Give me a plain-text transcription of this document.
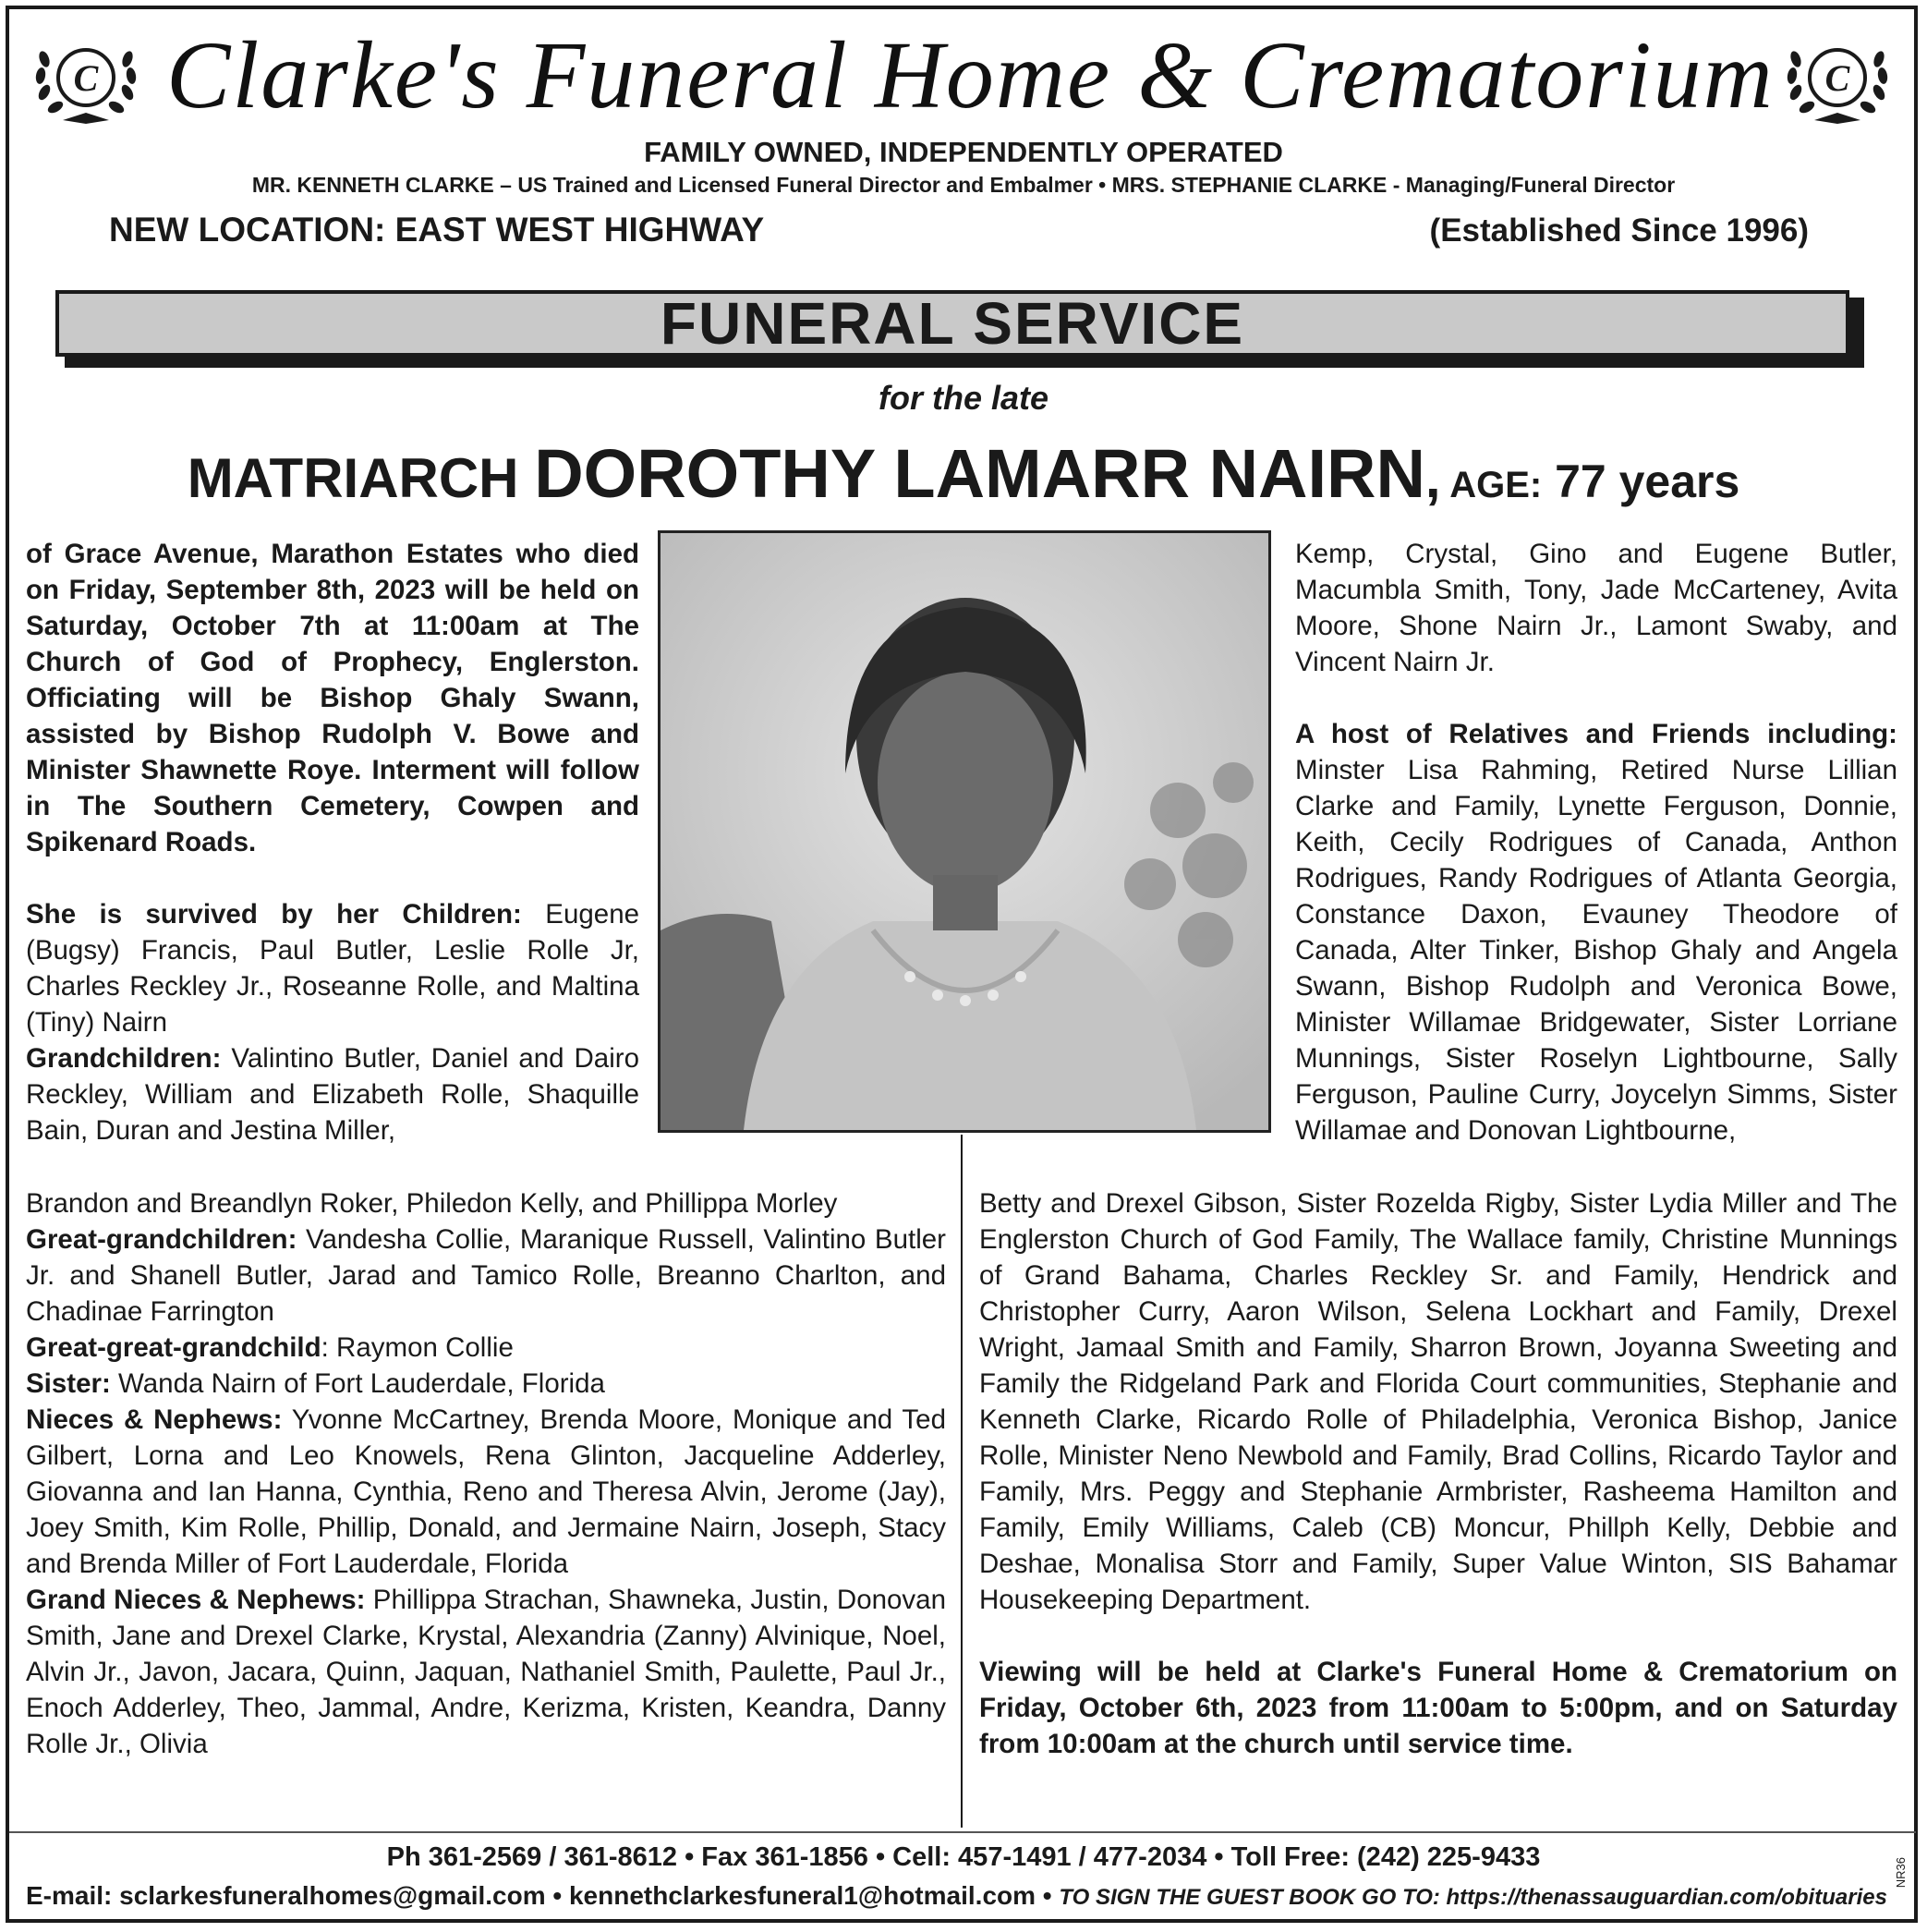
C Clarke's Funeral Home & Crematorium C
FAMILY OWNED, INDEPENDENTLY OPERATED
MR. KENNETH CLARKE – US Trained and Licensed Funeral Director and Embalmer • MRS. STEPHANIE CLARKE - Managing/Funeral Director
NEW LOCATION: EAST WEST HIGHWAY	(Established Since 1996)
FUNERAL SERVICE
for the late
MATRIARCH DOROTHY LAMARR NAIRN, AGE: 77 years

of Grace Avenue, Marathon Estates who died on Friday, September 8th, 2023 will be held on Saturday, October 7th at 11:00am at The Church of God of Prophecy, Englerston. Officiating will be Bishop Ghaly Swann, assisted by Bishop Rudolph V. Bowe and Minister Shawnette Roye. Interment will follow in The Southern Cemetery, Cowpen and Spikenard Roads.

She is survived by her Children: Eugene (Bugsy) Francis, Paul Butler, Leslie Rolle Jr, Charles Reckley Jr., Roseanne Rolle, and Maltina (Tiny) Nairn

Grandchildren: Valintino Butler, Daniel and Dairo Reckley, William and Elizabeth Rolle, Shaquille Bain, Duran and Jestina Miller,

Kemp, Crystal, Gino and Eugene Butler, Macumbla Smith, Tony, Jade McCarteney, Avita Moore, Shone Nairn Jr., Lamont Swaby, and Vincent Nairn Jr.

A host of Relatives and Friends including: Minster Lisa Rahming, Retired Nurse Lillian Clarke and Family, Lynette Ferguson, Donnie, Keith, Cecily Rodrigues of Canada, Anthon Rodrigues, Randy Rodrigues of Atlanta Georgia, Constance Daxon, Evauney Theodore of Canada, Alter Tinker, Bishop Ghaly and Angela Swann, Bishop Rudolph and Veronica Bowe, Minister Willamae Bridgewater, Sister Lorriane Munnings, Sister Roselyn Lightbourne, Sally Ferguson, Pauline Curry, Joycelyn Simms, Sister Willamae and Donovan Lightbourne,

Brandon and Breandlyn Roker, Philedon Kelly, and Phillippa Morley

Great-grandchildren: Vandesha Collie, Maranique Russell, Valintino Butler Jr. and Shanell Butler, Jarad and Tamico Rolle, Breanno Charlton, and Chadinae Farrington

Great-great-grandchild: Raymon Collie

Sister: Wanda Nairn of Fort Lauderdale, Florida

Nieces & Nephews: Yvonne McCartney, Brenda Moore, Monique and Ted Gilbert, Lorna and Leo Knowels, Rena Glinton, Jacqueline Adderley, Giovanna and Ian Hanna, Cynthia, Reno and Theresa Alvin, Jerome (Jay), Joey Smith, Kim Rolle, Phillip, Donald, and Jermaine Nairn, Joseph, Stacy and Brenda Miller of Fort Lauderdale, Florida

Grand Nieces & Nephews: Phillippa Strachan, Shawneka, Justin, Donovan Smith, Jane and Drexel Clarke, Krystal, Alexandria (Zanny) Alvinique, Noel, Alvin Jr., Javon, Jacara, Quinn, Jaquan, Nathaniel Smith, Paulette, Paul Jr., Enoch Adderley, Theo, Jammal, Andre, Kerizma, Kristen, Keandra, Danny Rolle Jr., Olivia

Betty and Drexel Gibson, Sister Rozelda Rigby, Sister Lydia Miller and The Englerston Church of God Family, The Wallace family, Christine Munnings of Grand Bahama, Charles Reckley Sr. and Family, Hendrick and Christopher Curry, Aaron Wilson, Selena Lockhart and Family, Drexel Wright, Jamaal Smith and Family, Sharron Brown, Joyanna Sweeting and Family the Ridgeland Park and Florida Court communities, Stephanie and Kenneth Clarke, Ricardo Rolle of Philadelphia, Veronica Bishop, Janice Rolle, Minister Neno Newbold and Family, Brad Collins, Ricardo Taylor and Family, Mrs. Peggy and Stephanie Armbrister, Rasheema Hamilton and Family, Emily Williams, Caleb (CB) Moncur, Phillph Kelly, Debbie and Deshae, Monalisa Storr and Family, Super Value Winton, SIS Bahamar Housekeeping Department.

Viewing will be held at Clarke's Funeral Home & Crematorium on Friday, October 6th, 2023 from 11:00am to 5:00pm, and on Saturday from 10:00am at the church until service time.

Ph 361-2569 / 361-8612 • Fax 361-1856 • Cell: 457-1491 / 477-2034 • Toll Free: (242) 225-9433
E-mail: sclarkesfuneralhomes@gmail.com • kennethclarkesfuneral1@hotmail.com • TO SIGN THE GUEST BOOK GO TO: https://thenassauguardian.com/obituaries
NR36
